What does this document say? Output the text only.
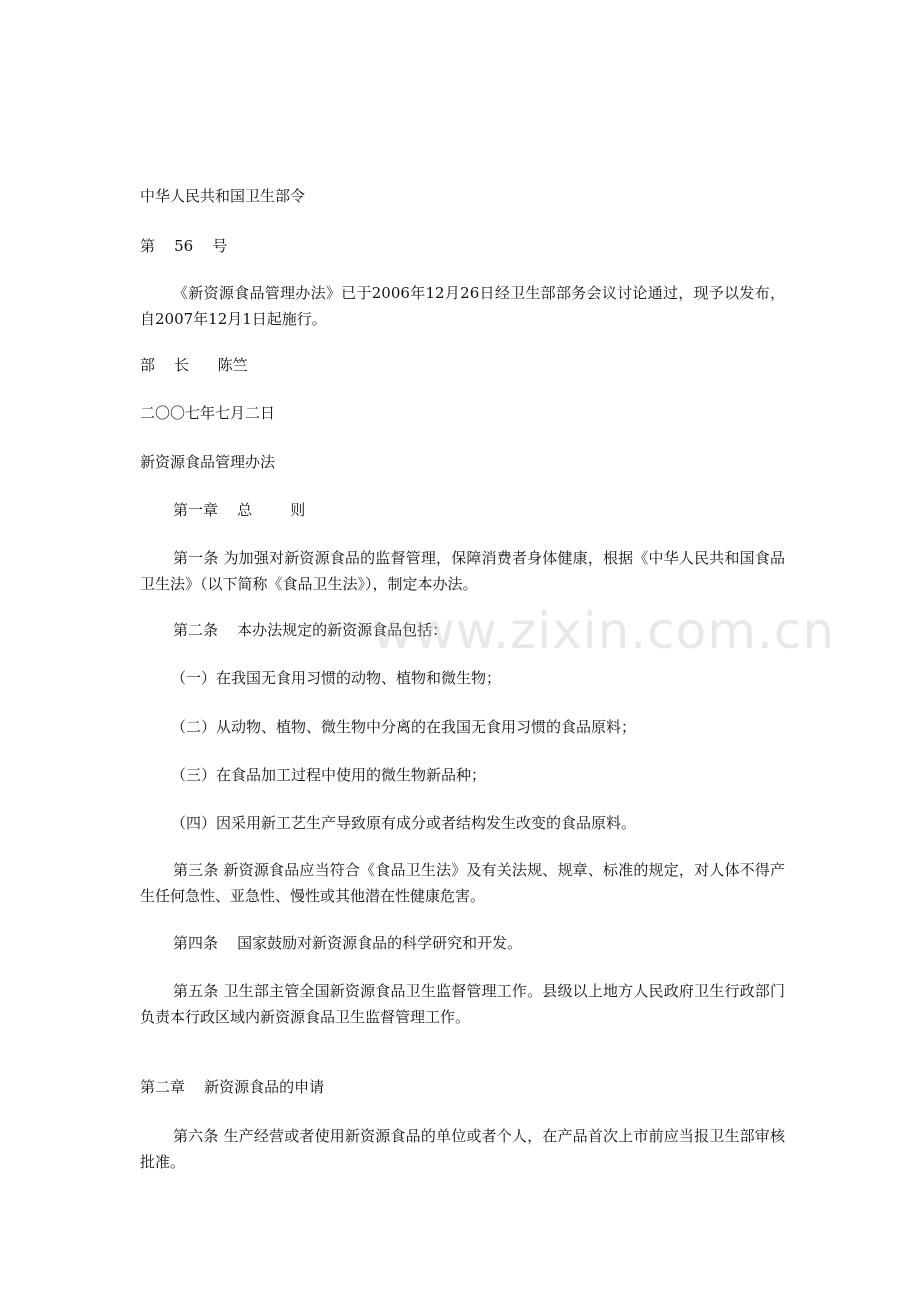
中华人民共和国卫生部令
第    56    号
《新资源食品管理办法》已于2006年12月26日经卫生部部务会议讨论通过，现予以发布，自2007年12月1日起施行。
部    长      陈竺
二〇〇七年七月二日
新资源食品管理办法
第一章    总        则
第一条 为加强对新资源食品的监督管理，保障消费者身体健康，根据《中华人民共和国食品卫生法》（以下简称《食品卫生法》），制定本办法。
第二条    本办法规定的新资源食品包括：
（一）在我国无食用习惯的动物、植物和微生物；
（二）从动物、植物、微生物中分离的在我国无食用习惯的食品原料；
（三）在食品加工过程中使用的微生物新品种；
（四）因采用新工艺生产导致原有成分或者结构发生改变的食品原料。
第三条 新资源食品应当符合《食品卫生法》及有关法规、规章、标准的规定，对人体不得产生任何急性、亚急性、慢性或其他潜在性健康危害。
第四条    国家鼓励对新资源食品的科学研究和开发。
第五条 卫生部主管全国新资源食品卫生监督管理工作。县级以上地方人民政府卫生行政部门负责本行政区域内新资源食品卫生监督管理工作。
第二章    新资源食品的申请
第六条 生产经营或者使用新资源食品的单位或者个人，在产品首次上市前应当报卫生部审核批准。
www.zixin.com.cn
